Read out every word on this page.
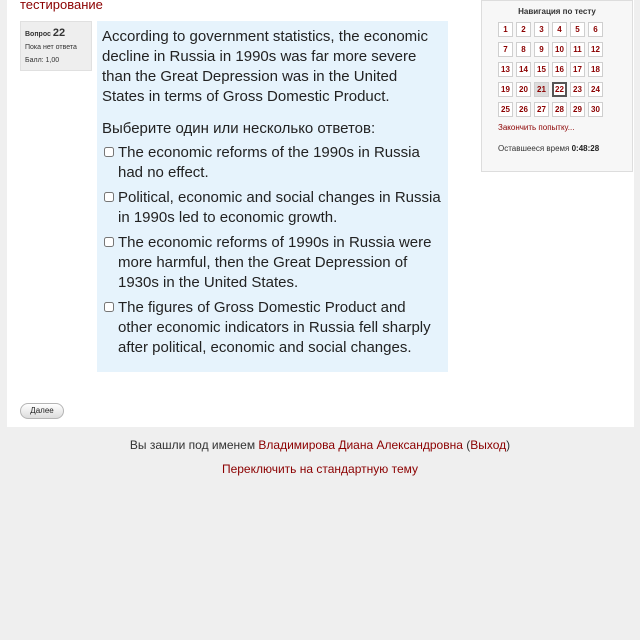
тестирование
Вопрос 22
Пока нет ответа
Балл: 1,00

According to government statistics, the economic decline in Russia in 1990s was far more severe than the Great Depression was in the United States in terms of Gross Domestic Product.

Выберите один или несколько ответов:
The economic reforms of the 1990s in Russia had no effect.
Political, economic and social changes in Russia in 1990s led to economic growth.
The economic reforms of 1990s in Russia were more harmful, then the Great Depression of 1930s in the United States.
The figures of Gross Domestic Product and other economic indicators in Russia fell sharply after political, economic and social changes.
Далее
Навигация по тесту
1	2	3	4	5	6
7	8	9	10	11	12
13	14	15	16	17	18
19	20	21	22	23	24
25	26	27	28	29	30
Закончить попытку...
Оставшееся время 0:48:28
Вы зашли под именем Владимирова Диана Александровна (Выход)
Переключить на стандартную тему
